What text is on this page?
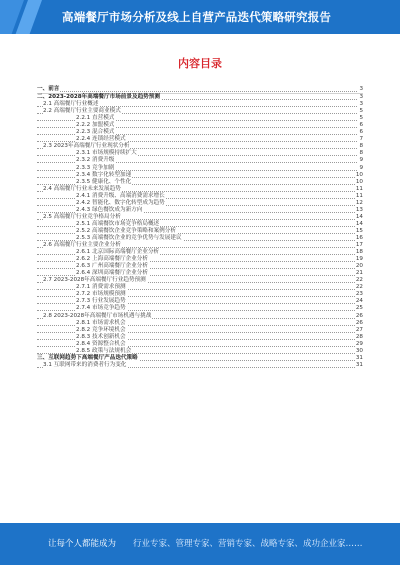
高端餐厅市场分析及线上自营产品迭代策略研究报告
内容目录
一、前言	3
二、2023-2028年高端餐厅市场前景及趋势预测	3
2.1 高端餐厅行业概述	3
2.2 高端餐厅行业主要商业模式	5
2.2.1 直营模式	5
2.2.2 加盟模式	6
2.2.3 混合模式	6
2.2.4 连锁经营模式	7
2.3 2023年高端餐厅行业现状分析	8
2.3.1 市场规模持续扩大	8
2.3.2 消费升级	9
2.3.3 竞争加剧	9
2.3.4 数字化转型加速	10
2.3.5 健康化、个性化	10
2.4 高端餐厅行业未来发展趋势	11
2.4.1 消费升级、高端消费需求增长	11
2.4.2 智能化、数字化转型成为趋势	12
2.4.3 绿色餐饮成为新方向	13
2.5 高端餐厅行业竞争格局分析	14
2.5.1 高端餐饮市场竞争格局概述	14
2.5.2 高端餐饮企业竞争策略和案例分析	15
2.5.3 高端餐饮企业的竞争优势与发展建议	16
2.6 高端餐厅行业主要企业分析	17
2.6.1 北京国际高端餐厅企业分析	18
2.6.2 上海高端餐厅企业分析	19
2.6.3 广州高端餐厅企业分析	20
2.6.4 深圳高端餐厅企业分析	21
2.7 2023-2028年高端餐厅行业趋势预测	22
2.7.1 消费需求预测	22
2.7.2 市场规模预测	23
2.7.3 行业发展趋势	24
2.7.4 市场竞争趋势	25
2.8 2023-2028年高端餐厅市场机遇与挑战	26
2.8.1 市场需求机会	26
2.8.2 竞争环境机会	27
2.8.3 技术创新机会	28
2.8.4 资源整合机会	29
2.8.5 政策与法规机会	30
三、互联网趋势下高端餐厅产品迭代策略	31
3.1 互联网带来的消费者行为变化	31
让每个人都能成为 行业专家、管理专家、营销专家、战略专家、成功企业家……
